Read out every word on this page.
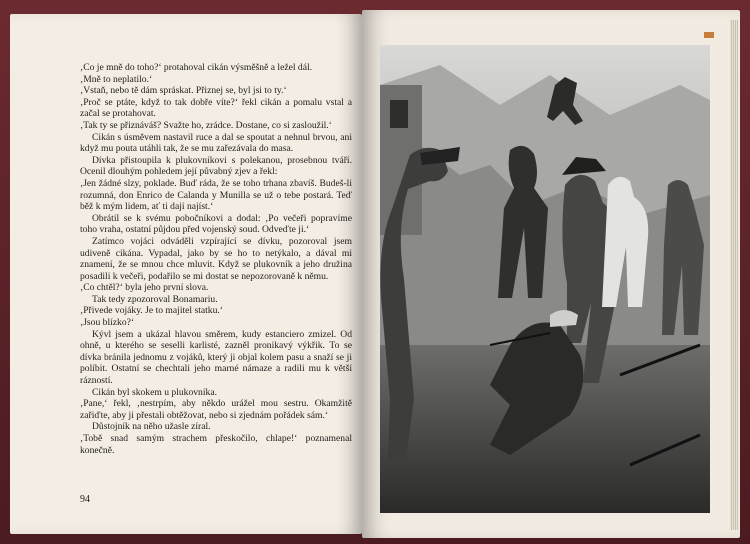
‚Co je mně do toho?‘ protahoval cikán výsměšně a ležel dál.
‚Mně to neplatilo.‘
‚Vstaň, nebo tě dám spráskat. Přiznej se, byl jsi to ty.‘
‚Proč se ptáte, když to tak dobře víte?‘ řekl cikán a pomalu vstal a začal se protahovat.
‚Tak ty se přiznáváš? Svažte ho, zrádce. Dostane, co si zasloužil.‘
Cikán s úsměvem nastavil ruce a dal se spoutat a nehnul brvou, ani když mu pouta utáhli tak, že se mu zařezávala do masa.
Dívka přistoupila k plukovníkovi s polekanou, prosebnou tváří. Ocenil dlouhým pohledem její půvabný zjev a řekl:
‚Jen žádné slzy, poklade. Buď ráda, že se toho trhana zbavíš. Budeš-li rozumná, don Enrico de Calanda y Munilla se už o tebe postará. Teď běž k mým lidem, ať ti dají najíst.‘
Obrátil se k svému pobočníkovi a dodal: ‚Po večeři popravíme toho vraha, ostatní půjdou před vojenský soud. Odveďte ji.‘
Zatímco vojáci odváděli vzpírající se dívku, pozoroval jsem udiveně cikána. Vypadal, jako by se ho to netýkalo, a dával mi znamení, že se mnou chce mluvit. Když se plukovník a jeho družina posadili k večeři, podařilo se mi dostat se nepozorovaně k němu.
‚Co chtěl?‘ byla jeho první slova.
Tak tedy zpozoroval Bonamariu.
‚Přivede vojáky. Je to majitel statku.‘
‚Jsou blízko?‘
Kývl jsem a ukázal hlavou směrem, kudy estanciero zmizel. Od ohně, u kterého se seselli karlisté, zazněl pronikavý výkřik. To se dívka bránila jednomu z vojáků, který ji objal kolem pasu a snaží se ji políbit. Ostatní se chechtali jeho marné námaze a radili mu k větší rázností.
Cikán byl skokem u plukovníka.
‚Pane,‘ řekl, ‚nestrpím, aby někdo urážel mou sestru. Okamžitě zařiďte, aby ji přestali obtěžovat, nebo si zjednám pořádek sám.‘
Důstojník na něho užasle zíral.
‚Tobě snad samým strachem přeskočilo, chlape!‘ poznamenal konečně.
94
